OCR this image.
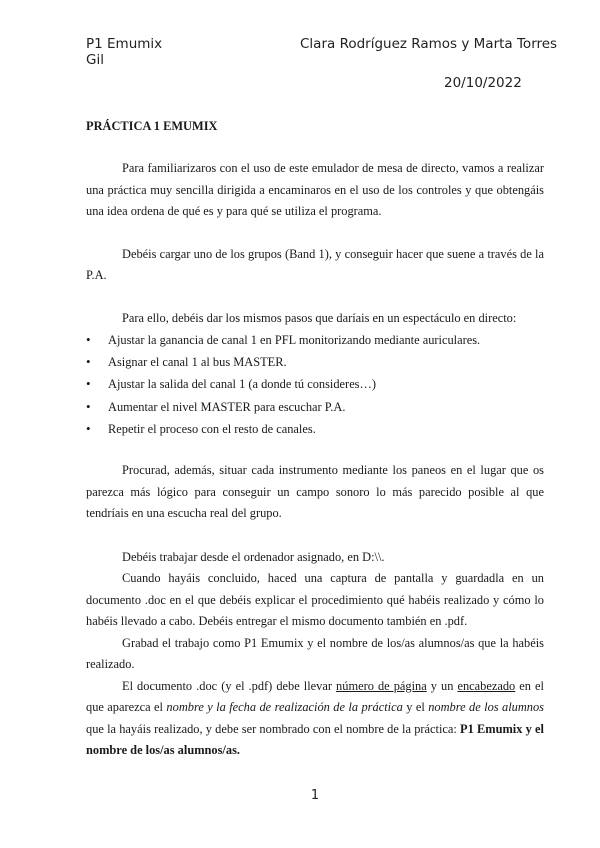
P1 Emumix Gil
Clara Rodríguez Ramos y Marta Torres
20/10/2022
PRÁCTICA 1 EMUMIX

Para familiarizaros con el uso de este emulador de mesa de directo, vamos a realizar una práctica muy sencilla dirigida a encaminaros en el uso de los controles y que obtengáis una idea ordena de qué es y para qué se utiliza el programa.

Debéis cargar uno de los grupos (Band 1), y conseguir hacer que suene a través de la P.A.

Para ello, debéis dar los mismos pasos que daríais en un espectáculo en directo:

• Ajustar la ganancia de canal 1 en PFL monitorizando mediante auriculares.
• Asignar el canal 1 al bus MASTER.
• Ajustar la salida del canal 1 (a donde tú consideres…)
• Aumentar el nivel MASTER para escuchar P.A.
• Repetir el proceso con el resto de canales.

Procurad, además, situar cada instrumento mediante los paneos en el lugar que os parezca más lógico para conseguir un campo sonoro lo más parecido posible al que tendríais en una escucha real del grupo.

Debéis trabajar desde el ordenador asignado, en D:\\.

Cuando hayáis concluido, haced una captura de pantalla y guardadla en un documento .doc en el que debéis explicar el procedimiento qué habéis realizado y cómo lo habéis llevado a cabo. Debéis entregar el mismo documento también en .pdf.

Grabad el trabajo como P1 Emumix y el nombre de los/as alumnos/as que la habéis realizado.

El documento .doc (y el .pdf) debe llevar número de página y un encabezado en el que aparezca el nombre y la fecha de realización de la práctica y el nombre de los alumnos que la hayáis realizado, y debe ser nombrado con el nombre de la práctica: P1 Emumix y el nombre de los/as alumnos/as.

1
